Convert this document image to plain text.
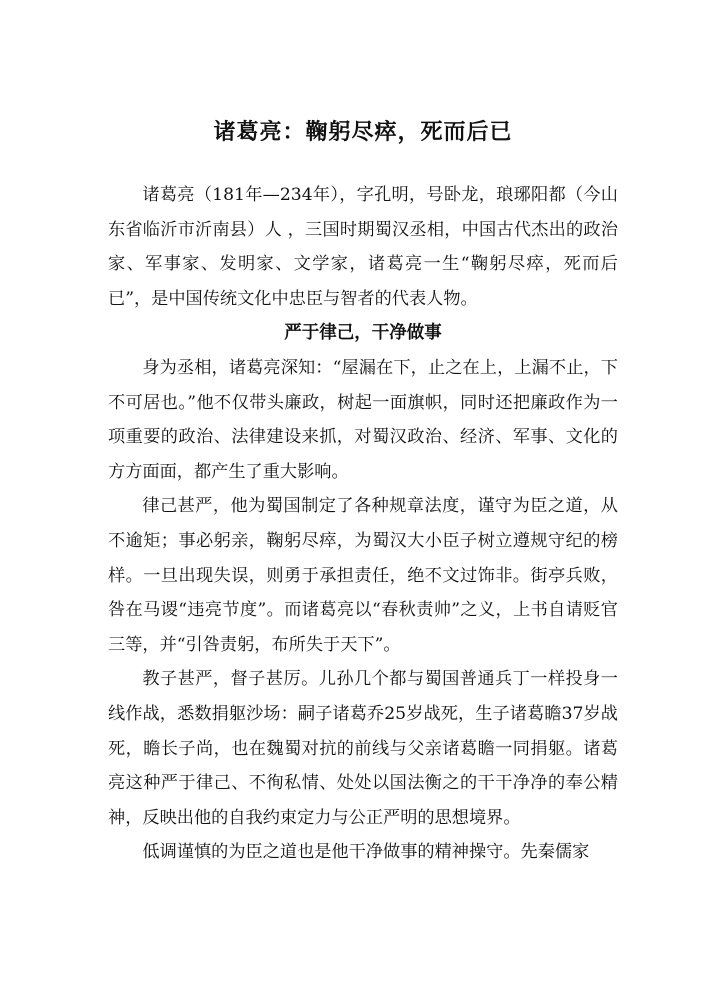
诸葛亮：鞠躬尽瘁，死而后已

诸葛亮（181年—234年），字孔明，号卧龙，琅琊阳都（今山东省临沂市沂南县）人 ，三国时期蜀汉丞相，中国古代杰出的政治家、军事家、发明家、文学家，诸葛亮一生“鞠躬尽瘁，死而后已”，是中国传统文化中忠臣与智者的代表人物。

严于律己，干净做事

身为丞相，诸葛亮深知：“屋漏在下，止之在上，上漏不止，下不可居也。”他不仅带头廉政，树起一面旗帜，同时还把廉政作为一项重要的政治、法律建设来抓，对蜀汉政治、经济、军事、文化的方方面面，都产生了重大影响。

律己甚严，他为蜀国制定了各种规章法度，谨守为臣之道，从不逾矩；事必躬亲，鞠躬尽瘁，为蜀汉大小臣子树立遵规守纪的榜样。一旦出现失误，则勇于承担责任，绝不文过饰非。街亭兵败，咎在马谡“违亮节度”。而诸葛亮以“春秋责帅”之义，上书自请贬官三等，并“引咎责躬，布所失于天下”。

教子甚严，督子甚厉。儿孙几个都与蜀国普通兵丁一样投身一线作战，悉数捐躯沙场：嗣子诸葛乔25岁战死，生子诸葛瞻37岁战死，瞻长子尚，也在魏蜀对抗的前线与父亲诸葛瞻一同捐躯。诸葛亮这种严于律己、不徇私情、处处以国法衡之的干干净净的奉公精神，反映出他的自我约束定力与公正严明的思想境界。

低调谨慎的为臣之道也是他干净做事的精神操守。先秦儒家
